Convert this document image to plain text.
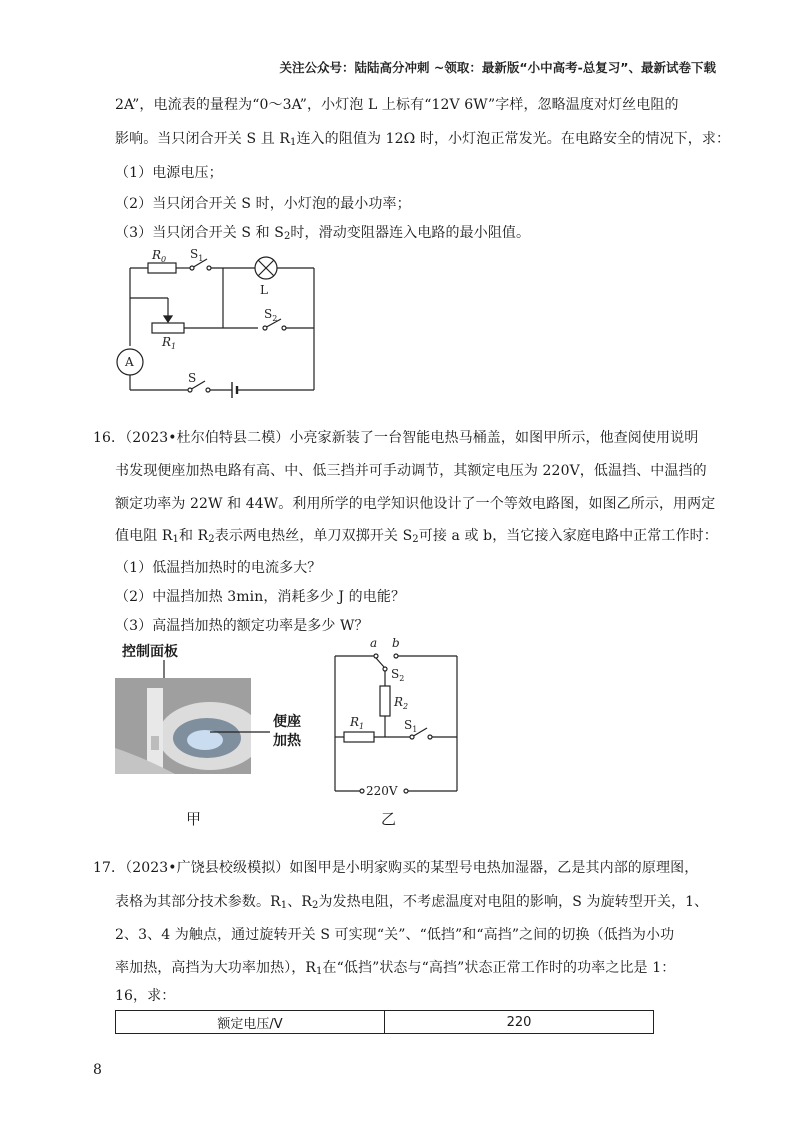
关注公众号：陆陆高分冲刺 ~领取：最新版“小中高考-总复习”、最新试卷下载
2A”，电流表的量程为“0～3A”，小灯泡 L 上标有“12V 6W”字样，忽略温度对灯丝电阻的
影响。当只闭合开关 S 且 $R_1$连入的阻值为 12Ω 时，小灯泡正常发光。在电路安全的情况下，求：
（1）电源电压；
（2）当只闭合开关 S 时，小灯泡的最小功率；
（3）当只闭合开关 S 和 $S_2$时，滑动变阻器连入电路的最小阻值。
$R_0$ $S_1$
L
$R_1$
$S_2$
A
S
16．（2023•杜尔伯特县二模）小亮家新装了一台智能电热马桶盖，如图甲所示，他查阅使用说明
书发现便座加热电路有高、中、低三挡并可手动调节，其额定电压为 220V，低温挡、中温挡的
额定功率为 22W 和 44W。利用所学的电学知识他设计了一个等效电路图，如图乙所示，用两定
值电阻 $R_1$和 $R_2$表示两电热丝，单刀双掷开关 $S_2$可接 a 或 b，当它接入家庭电路中正常工作时：
（1）低温挡加热时的电流多大？
（2）中温挡加热 3min，消耗多少 J 的电能？
（3）高温挡加热的额定功率是多少 W？
控制面板
便座
加热
甲
a b
$S_2$
$R_2$
$R_1$	$S_1$
220V
乙
17．（2023•广饶县校级模拟）如图甲是小明家购买的某型号电热加湿器，乙是其内部的原理图，
表格为其部分技术参数。$R_1$、$R_2$为发热电阻，不考虑温度对电阻的影响，S 为旋转型开关，1、
2、3、4 为触点，通过旋转开关 S 可实现“关”、“低挡”和“高挡”之间的切换（低挡为小功
率加热，高挡为大功率加热），$R_1$在“低挡”状态与“高挡”状态正常工作时的功率之比是 1：
16，求：
额定电压/V	220
8
